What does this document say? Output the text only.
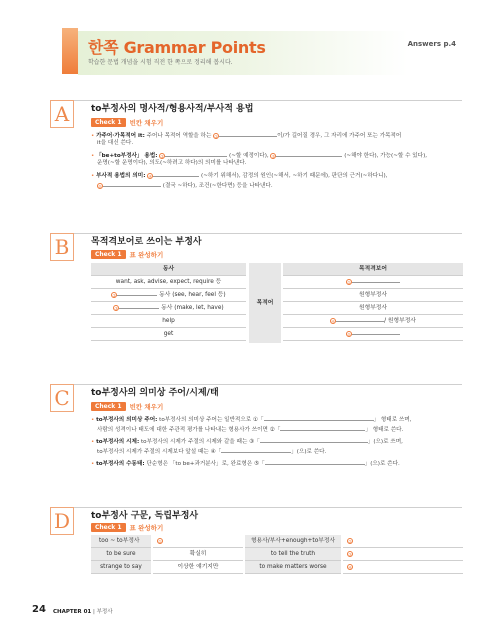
한쪽 Grammar Points
학습한 문법 개념을 시험 직전 한 쪽으로 정리해 봅시다.
Answers p.4
A	to부정사의 명사적/형용사적/부사적 용법
Check 1	빈칸 채우기
• 가주어·가목적어 it: 주어나 목적어 역할을 하는 ①	이/가 길어질 경우, 그 자리에 가주어 또는 가목적어
it을 대신 쓴다.
• 「be+to부정사」 용법: ②	(~할 예정이다), ③	(~해야 한다), 가능(~할 수 있다),
운명(~할 운명이다), 의도(~하려고 하다)의 의미를 나타낸다.
• 부사적 용법의 의미: ④	(~하기 위해서), 감정의 원인(~해서, ~하기 때문에), 판단의 근거(~하다니),
⑤	(결국 ~하다), 조건(~한다면) 등을 나타낸다.
B	목적격보어로 쓰이는 부정사
Check 1	표 완성하기
목적어
동사	목적격보어
want, ask, advise, expect, require 등	①
②	동사 (see, hear, feel 등)	원형부정사
③	동사 (make, let, have)	원형부정사
help	④	/ 원형부정사
get	⑤
C	to부정사의 의미상 주어/시제/태
Check 1	빈칸 채우기
• to부정사의 의미상 주어: to부정사의 의미상 주어는 일반적으로 ①「	」 형태로 쓰며,
사람의 성격이나 태도에 대한 주관적 평가를 나타내는 형용사가 쓰이면 ②「	」 형태로 쓴다.
• to부정사의 시제: to부정사의 시제가 주절의 시제와 같을 때는 ③「	」(으)로 쓰며,
to부정사의 시제가 주절의 시제보다 앞설 때는 ④「	」(으)로 쓴다.
• to부정사의 수동태: 단순형은 「to be+과거분사」로, 완료형은 ⑤「	」(으)로 쓴다.
D	to부정사 구문, 독립부정사
Check 1	표 완성하기
too ~ to부정사	①	형용사/부사+enough+to부정사	②
to be sure	확실히	to tell the truth	③
strange to say	이상한 얘기지만	to make matters worse	④
24 CHAPTER 01 | 부정사
